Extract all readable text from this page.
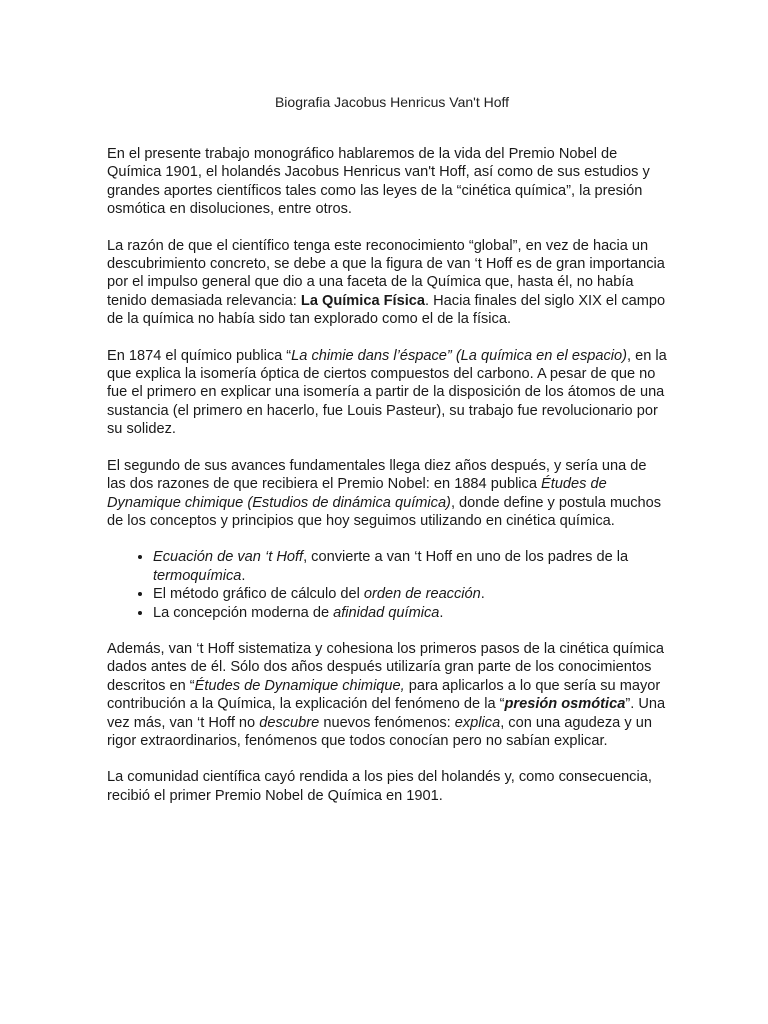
Biografia Jacobus Henricus Van't Hoff

En el presente trabajo monográfico hablaremos de la vida del Premio Nobel de Química 1901, el holandés Jacobus Henricus van't Hoff, así como de sus estudios y grandes aportes científicos tales como las leyes de la “cinética química”, la presión osmótica en disoluciones, entre otros.

La razón de que el científico tenga este reconocimiento “global”, en vez de hacia un descubrimiento concreto, se debe a que la figura de van ‘t Hoff es de gran importancia por el impulso general que dio a una faceta de la Química que, hasta él, no había tenido demasiada relevancia: La Química Física. Hacia finales del siglo XIX el campo de la química no había sido tan explorado como el de la física.

En 1874 el químico publica “La chimie dans l’éspace” (La química en el espacio), en la que explica la isomería óptica de ciertos compuestos del carbono. A pesar de que no fue el primero en explicar una isomería a partir de la disposición de los átomos de una sustancia (el primero en hacerlo, fue Louis Pasteur), su trabajo fue revolucionario por su solidez.

El segundo de sus avances fundamentales llega diez años después, y sería una de las dos razones de que recibiera el Premio Nobel: en 1884 publica Études de Dynamique chimique (Estudios de dinámica química), donde define y postula muchos de los conceptos y principios que hoy seguimos utilizando en cinética química.

• Ecuación de van ‘t Hoff, convierte a van ‘t Hoff en uno de los padres de la termoquímica.
• El método gráfico de cálculo del orden de reacción.
• La concepción moderna de afinidad química.

Además, van ‘t Hoff sistematiza y cohesiona los primeros pasos de la cinética química dados antes de él. Sólo dos años después utilizaría gran parte de los conocimientos descritos en “Études de Dynamique chimique, para aplicarlos a lo que sería su mayor contribución a la Química, la explicación del fenómeno de la “presión osmótica”. Una vez más, van ‘t Hoff no descubre nuevos fenómenos: explica, con una agudeza y un rigor extraordinarios, fenómenos que todos conocían pero no sabían explicar.

La comunidad científica cayó rendida a los pies del holandés y, como consecuencia, recibió el primer Premio Nobel de Química en 1901.
